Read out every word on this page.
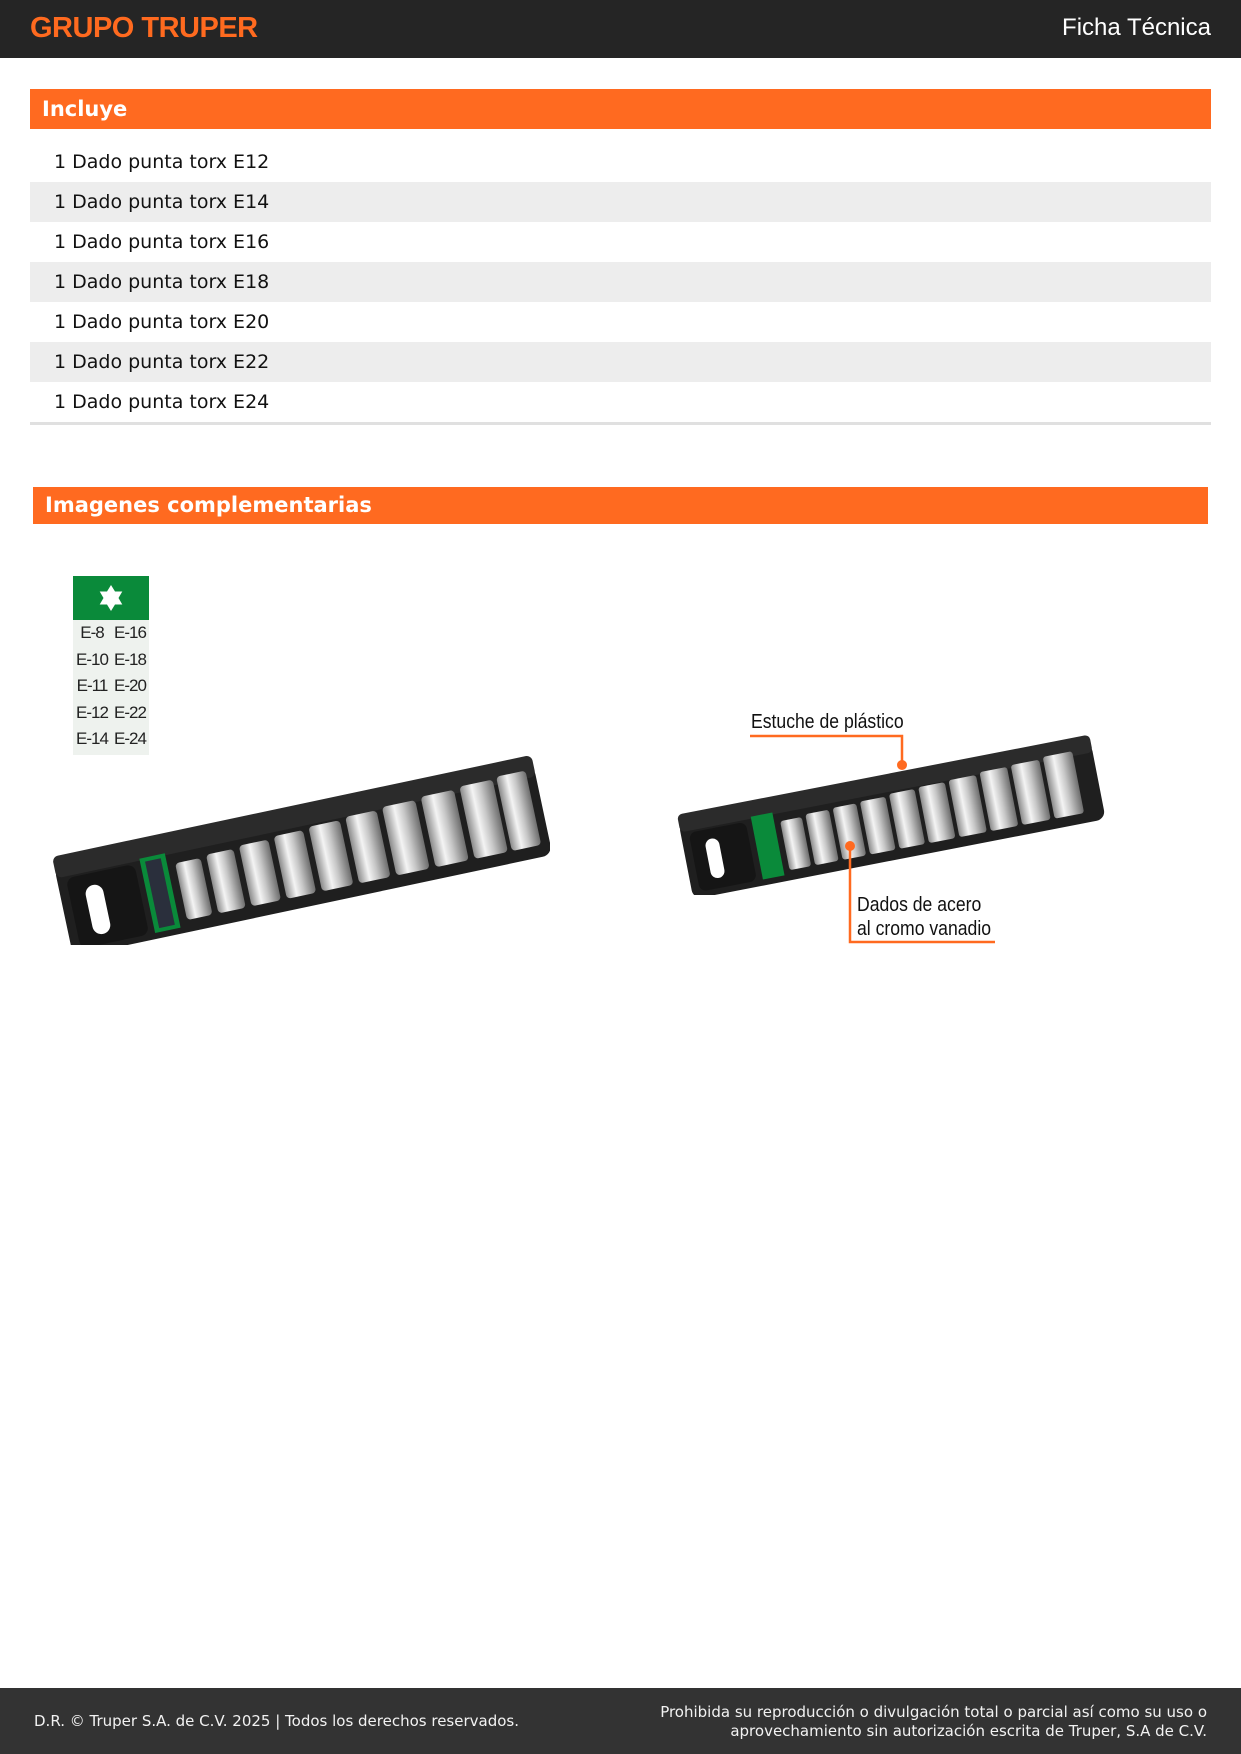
GRUPO TRUPER	Ficha Técnica
Incluye
1 Dado punta torx E12
1 Dado punta torx E14
1 Dado punta torx E16
1 Dado punta torx E18
1 Dado punta torx E20
1 Dado punta torx E22
1 Dado punta torx E24
Imagenes complementarias
E-8 E-16
E-10 E-18
E-11 E-20
E-12 E-22
E-14 E-24
Estuche de plástico
Dados de acero
al cromo vanadio
D.R. © Truper S.A. de C.V. 2025 | Todos los derechos reservados.	Prohibida su reproducción o divulgación total o parcial así como su uso o
aprovechamiento sin autorización escrita de Truper, S.A de C.V.
